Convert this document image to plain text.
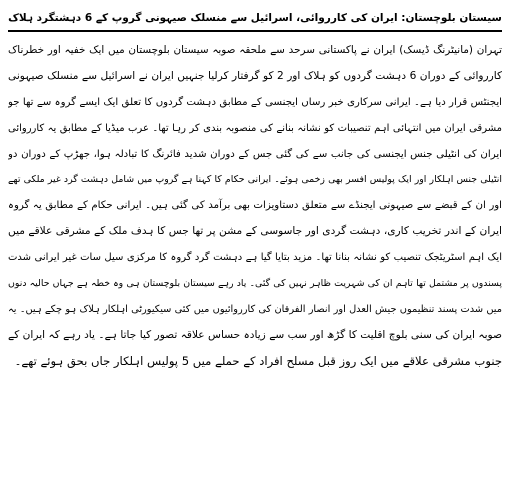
سیستان بلوچستان: ایران کی کارروائی، اسرائیل سے منسلک صیہونی گروپ کے 6 دہشتگرد ہلاک
تہران (مانیٹرنگ ڈیسک) ایران نے پاکستانی سرحد سے ملحقہ صوبہ سیستان بلوچستان میں ایک خفیہ اور خطرناک
کارروائی کے دوران 6 دہشت گردوں کو ہلاک اور 2 کو گرفتار کرلیا جنہیں ایران نے اسرائیل سے منسلک صیہونی
ایجنٹس قرار دیا ہے۔ ایرانی سرکاری خبر رساں ایجنسی کے مطابق دہشت گردوں کا تعلق ایک ایسے گروہ سے تھا جو
مشرقی ایران میں انتہائی اہم تنصیبات کو نشانہ بنانے کی منصوبہ بندی کر رہا تھا۔ عرب میڈیا کے مطابق یہ کارروائی
ایران کی انٹیلی جنس ایجنسی کی جانب سے کی گئی جس کے دوران شدید فائرنگ کا تبادلہ ہوا، جھڑپ کے دوران دو
انٹیلی جنس اہلکار اور ایک پولیس افسر بھی زخمی ہوئے۔ ایرانی حکام کا کہنا ہے گروپ میں شامل دہشت گرد غیر ملکی تھے
اور ان کے قبضے سے صیہونی ایجنڈے سے متعلق دستاویزات بھی برآمد کی گئی ہیں۔ ایرانی حکام کے مطابق یہ گروہ
ایران کے اندر تخریب کاری، دہشت گردی اور جاسوسی کے مشن پر تھا جس کا ہدف ملک کے مشرقی علاقے میں
ایک اہم اسٹریٹجک تنصیب کو نشانہ بنانا تھا۔ مزید بتایا گیا ہے دہشت گرد گروہ کا مرکزی سیل سات غیر ایرانی شدت
پسندوں پر مشتمل تھا تاہم ان کی شہریت ظاہر نہیں کی گئی۔ یاد رہے سیستان بلوچستان ہی وہ خطہ ہے جہاں حالیہ دنوں
میں شدت پسند تنظیموں جیش العدل اور انصار الفرقان کی کارروائیوں میں کئی سیکیورٹی اہلکار ہلاک ہو چکے ہیں۔ یہ
صوبہ ایران کی سنی بلوچ اقلیت کا گڑھ اور سب سے زیادہ حساس علاقہ تصور کیا جاتا ہے۔ یاد رہے کہ ایران کے
جنوب مشرقی علاقے میں ایک روز قبل مسلح افراد کے حملے میں 5 پولیس اہلکار جاں بحق ہوئے تھے۔
